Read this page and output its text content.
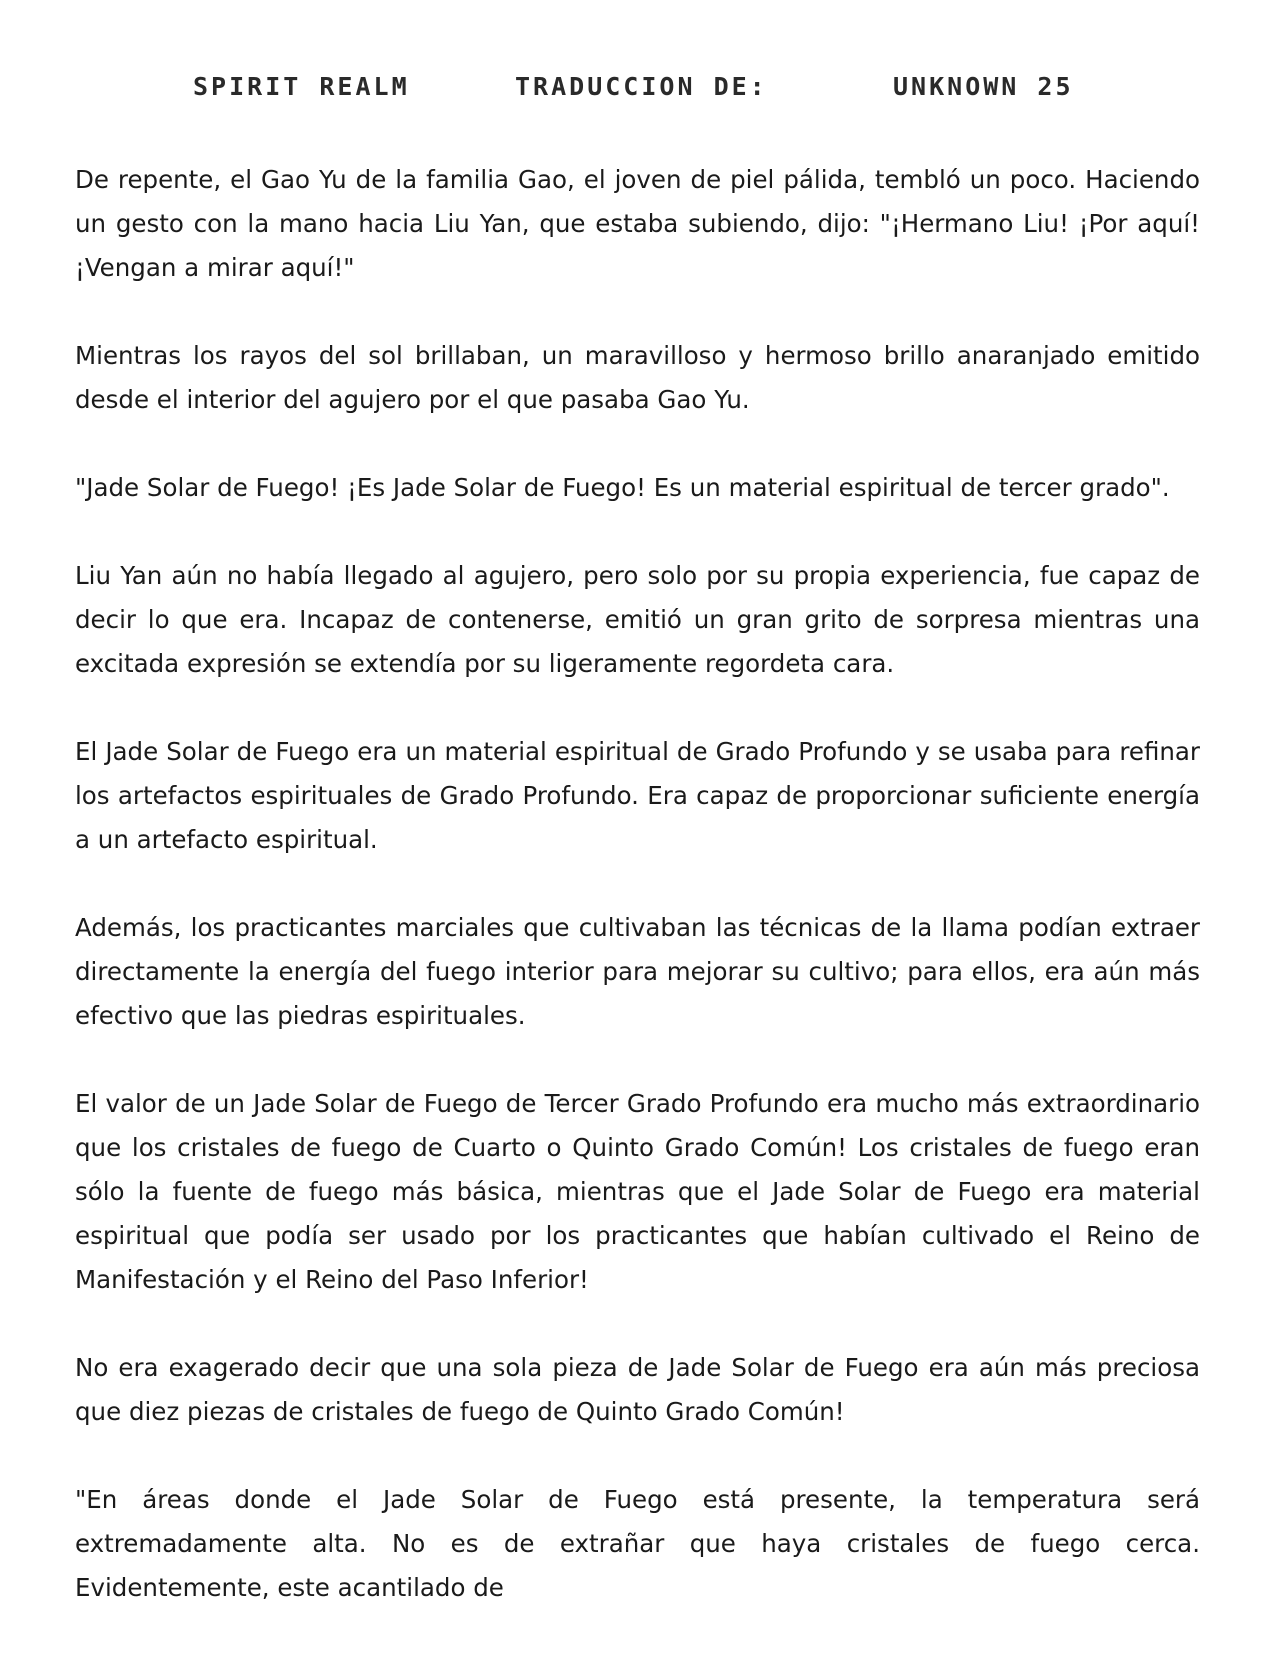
SPIRIT REALM	TRADUCCION DE:	UNKNOWN 25

De repente, el Gao Yu de la familia Gao, el joven de piel pálida, tembló un poco. Haciendo un gesto con la mano hacia Liu Yan, que estaba subiendo, dijo: "¡Hermano Liu! ¡Por aquí! ¡Vengan a mirar aquí!"

Mientras los rayos del sol brillaban, un maravilloso y hermoso brillo anaranjado emitido desde el interior del agujero por el que pasaba Gao Yu.

"Jade Solar de Fuego! ¡Es Jade Solar de Fuego! Es un material espiritual de tercer grado".

Liu Yan aún no había llegado al agujero, pero solo por su propia experiencia, fue capaz de decir lo que era. Incapaz de contenerse, emitió un gran grito de sorpresa mientras una excitada expresión se extendía por su ligeramente regordeta cara.

El Jade Solar de Fuego era un material espiritual de Grado Profundo y se usaba para refinar los artefactos espirituales de Grado Profundo. Era capaz de proporcionar suficiente energía a un artefacto espiritual.

Además, los practicantes marciales que cultivaban las técnicas de la llama podían extraer directamente la energía del fuego interior para mejorar su cultivo; para ellos, era aún más efectivo que las piedras espirituales.

El valor de un Jade Solar de Fuego de Tercer Grado Profundo era mucho más extraordinario que los cristales de fuego de Cuarto o Quinto Grado Común! Los cristales de fuego eran sólo la fuente de fuego más básica, mientras que el Jade Solar de Fuego era material espiritual que podía ser usado por los practicantes que habían cultivado el Reino de Manifestación y el Reino del Paso Inferior!

No era exagerado decir que una sola pieza de Jade Solar de Fuego era aún más preciosa que diez piezas de cristales de fuego de Quinto Grado Común!

"En áreas donde el Jade Solar de Fuego está presente, la temperatura será extremadamente alta. No es de extrañar que haya cristales de fuego cerca. Evidentemente, este acantilado de
